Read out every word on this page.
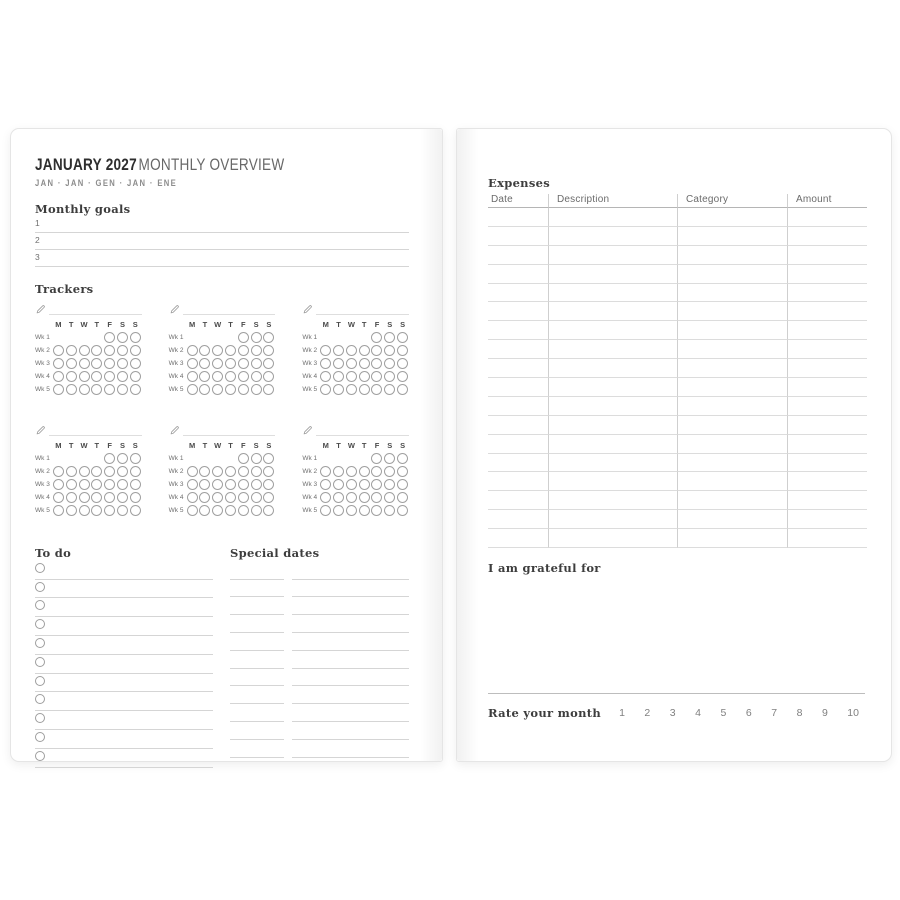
JANUARY 2027MONTHLY OVERVIEW
JAN · JAN · GEN · JAN · ENE
Monthly goals
1
2
3
Trackers
M T W T	F	S	S
Wk 1
Wk 2
Wk 3
Wk 4
Wk 5
M T W T	F	S	S
Wk 1
Wk 2
Wk 3
Wk 4
Wk 5
M T W T	F	S	S
Wk 1
Wk 2
Wk 3
Wk 4
Wk 5
M T W T	F	S	S
Wk 1
Wk 2
Wk 3
Wk 4
Wk 5
M T W T	F	S	S
Wk 1
Wk 2
Wk 3
Wk 4
Wk 5
M T W T	F	S	S
Wk 1
Wk 2
Wk 3
Wk 4
Wk 5
To do	Special dates
Expenses
Date	Description	Category	Amount
I am grateful for
Rate your month 1 2 3 4 5 6 7 8 9 10
